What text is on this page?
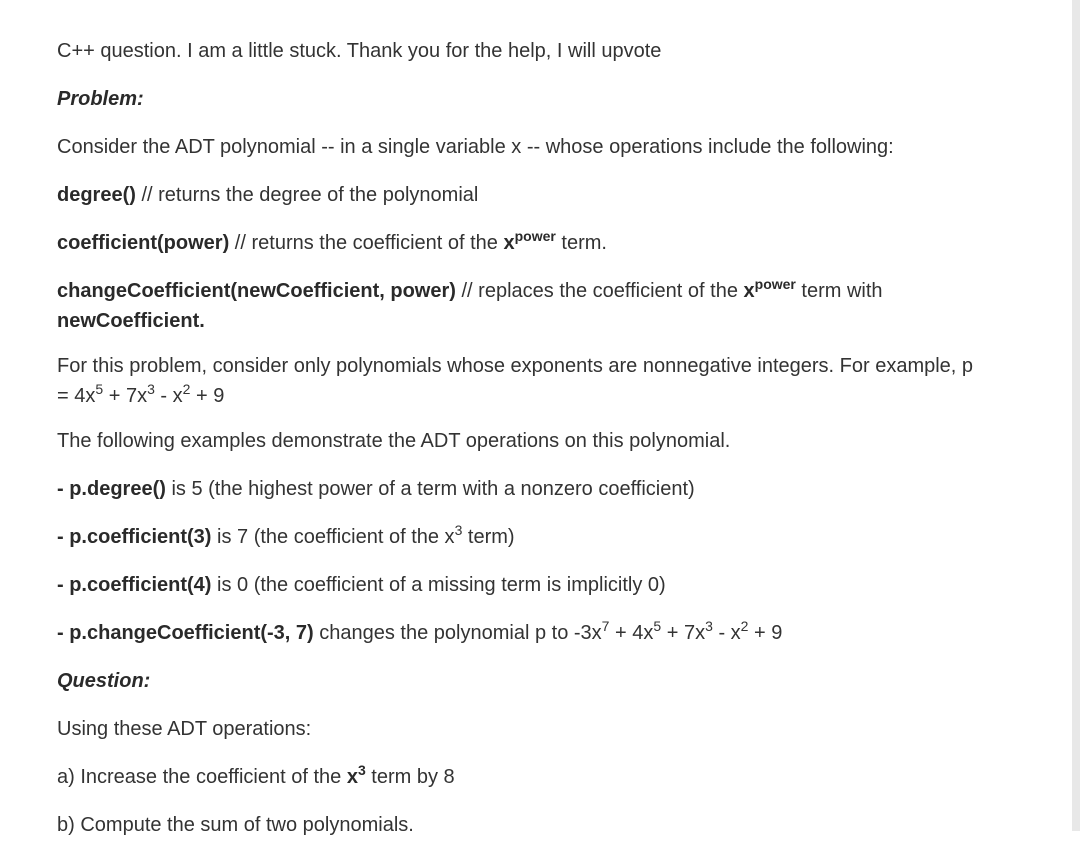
C++ question. I am a little stuck. Thank you for the help, I will upvote

Problem:

Consider the ADT polynomial -- in a single variable x -- whose operations include the following:

degree() // returns the degree of the polynomial

coefficient(power) // returns the coefficient of the $x^{power}$ term.

changeCoefficient(newCoefficient, power) // replaces the coefficient of the $x^{power}$ term with newCoefficient.

For this problem, consider only polynomials whose exponents are nonnegative integers. For example, $p = 4x^5 + 7x^3 - x^2 + 9$

The following examples demonstrate the ADT operations on this polynomial.

- p.degree() is 5 (the highest power of a term with a nonzero coefficient)

- p.coefficient(3) is 7 (the coefficient of the $x^3$ term)

- p.coefficient(4) is 0 (the coefficient of a missing term is implicitly 0)

- p.changeCoefficient(-3, 7) changes the polynomial p to $-3x^7 + 4x^5 + 7x^3 - x^2 + 9$

Question:

Using these ADT operations:

a) Increase the coefficient of the $x^3$ term by 8

b) Compute the sum of two polynomials.
